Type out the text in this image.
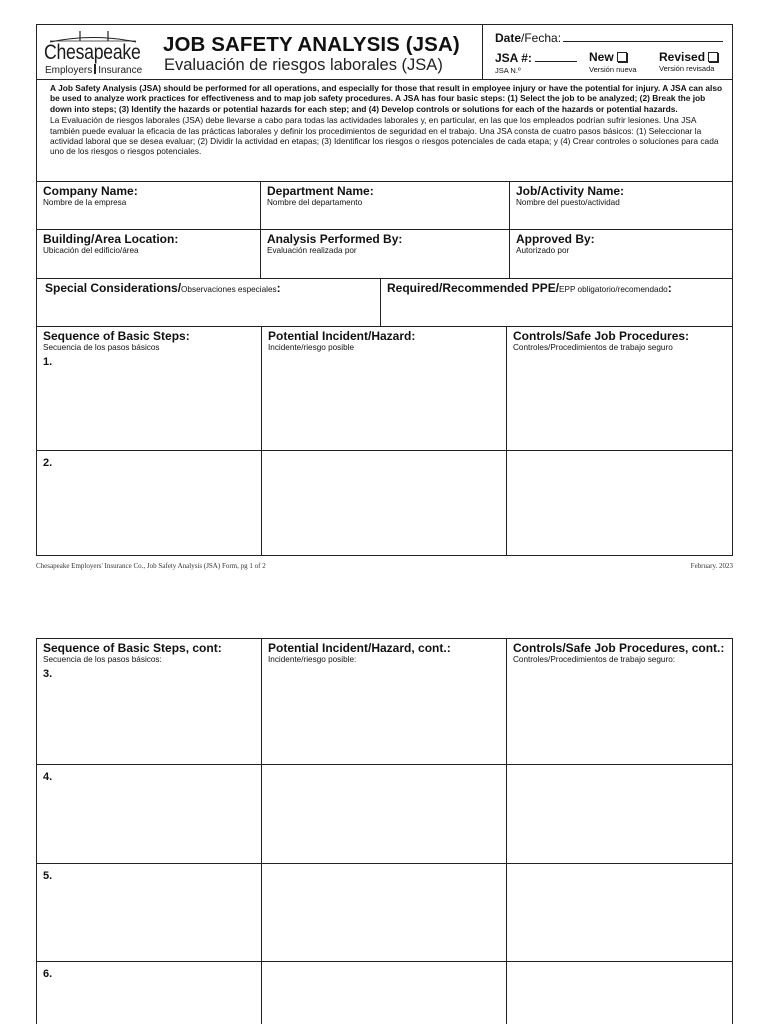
Chesapeake
Employers Insurance
JOB SAFETY ANALYSIS (JSA)
Evaluación de riesgos laborales (JSA)
Date/Fecha:
JSA #:
JSA N.º
New
Versión nueva
Revised
Versión revisada

A Job Safety Analysis (JSA) should be performed for all operations, and especially for those that result in employee injury or have the potential for injury. A JSA can also be used to analyze work practices for effectiveness and to map job safety procedures. A JSA has four basic steps: (1) Select the job to be analyzed; (2) Break the job down into steps; (3) Identify the hazards or potential hazards for each step; and (4) Develop controls or solutions for each of the hazards or potential hazards.

La Evaluación de riesgos laborales (JSA) debe llevarse a cabo para todas las actividades laborales y, en particular, en las que los empleados podrían sufrir lesiones. Una JSA también puede evaluar la eficacia de las prácticas laborales y definir los procedimientos de seguridad en el trabajo. Una JSA consta de cuatro pasos básicos: (1) Seleccionar la actividad laboral que se desea evaluar; (2) Dividir la actividad en etapas; (3) Identificar los riesgos o riesgos potenciales de cada etapa; y (4) Crear controles o soluciones para cada uno de los riesgos o riesgos potenciales.

Company Name:
Nombre de la empresa
Department Name:
Nombre del departamento
Job/Activity Name:
Nombre del puesto/actividad
Building/Area Location:
Ubicación del edificio/área
Analysis Performed By:
Evaluación realizada por
Approved By:
Autorizado por
Special Considerations/Observaciones especiales:	Required/Recommended PPE/EPP obligatorio/recomendado:
Sequence of Basic Steps:
Secuencia de los pasos básicos
1.
Potential Incident/Hazard:
Incidente/riesgo posible
Controls/Safe Job Procedures:
Controles/Procedimientos de trabajo seguro
2.
Chesapeake Employers' Insurance Co., Job Safety Analysis (JSA) Form, pg 1 of 2	February. 2023
Sequence of Basic Steps, cont:
Secuencia de los pasos básicos:
3.
Potential Incident/Hazard, cont.:
Incidente/riesgo posible:
Controls/Safe Job Procedures, cont.:
Controles/Procedimientos de trabajo seguro:
4.
5.
6.
